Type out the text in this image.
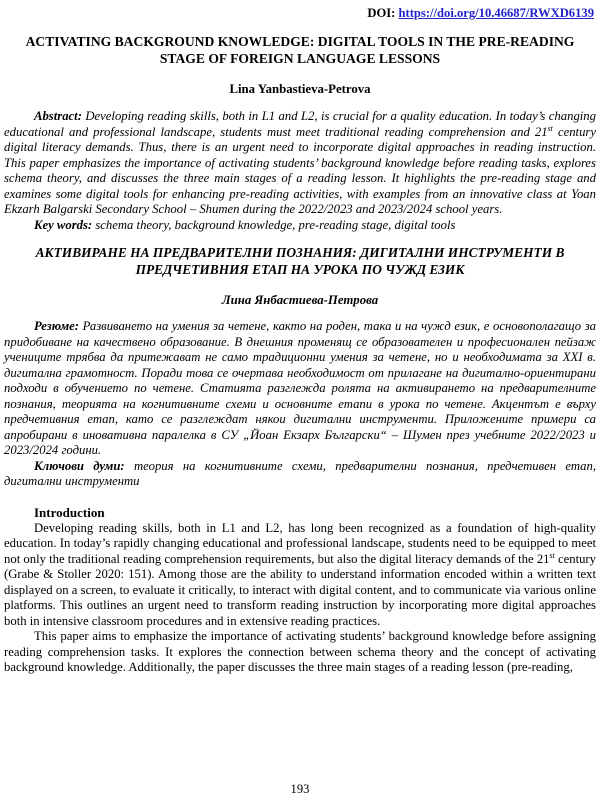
DOI: https://doi.org/10.46687/RWXD6139
ACTIVATING BACKGROUND KNOWLEDGE: DIGITAL TOOLS IN THE PRE-READING STAGE OF FOREIGN LANGUAGE LESSONS
Lina Yanbastieva-Petrova

Abstract: Developing reading skills, both in L1 and L2, is crucial for a quality education. In today’s changing educational and professional landscape, students must meet traditional reading comprehension and 21st century digital literacy demands. Thus, there is an urgent need to incorporate digital approaches in reading instruction. This paper emphasizes the importance of activating students’ background knowledge before reading tasks, explores schema theory, and discusses the three main stages of a reading lesson. It highlights the pre-reading stage and examines some digital tools for enhancing pre-reading activities, with examples from an innovative class at Yoan Ekzarh Balgarski Secondary School – Shumen during the 2022/2023 and 2023/2024 school years.

Key words: schema theory, background knowledge, pre-reading stage, digital tools

АКТИВИРАНЕ НА ПРЕДВАРИТЕЛНИ ПОЗНАНИЯ: ДИГИТАЛНИ ИНСТРУМЕНТИ В ПРЕДЧЕТИВНИЯ ЕТАП НА УРОКА ПО ЧУЖД ЕЗИК
Лина Янбастиева-Петрова

Резюме: Развиването на умения за четене, както на роден, така и на чужд език, е основополагащо за придобиване на качествено образование. В днешния променящ се образователен и професионален пейзаж учениците трябва да притежават не само традиционни умения за четене, но и необходимата за XXI в. дигитална грамотност. Поради това се очертава необходимост от прилагане на дигитално-ориентирани подходи в обучението по четене. Статията разглежда ролята на активирането на предварителните познания, теорията на когнитивните схеми и основните етапи в урока по четене. Акцентът е върху предчетивния етап, като се разглеждат някои дигитални инструменти. Приложените примери са апробирани в иновативна паралелка в СУ „Йоан Екзарх Български“ – Шумен през учебните 2022/2023 и 2023/2024 години.

Ключови думи: теория на когнитивните схеми, предварителни познания, предчетивен етап, дигитални инструменти

Introduction

Developing reading skills, both in L1 and L2, has long been recognized as a foundation of high-quality education. In today’s rapidly changing educational and professional landscape, students need to be equipped to meet not only the traditional reading comprehension requirements, but also the digital literacy demands of the 21st century (Grabe & Stoller 2020: 151). Among those are the ability to understand information encoded within a written text displayed on a screen, to evaluate it critically, to interact with digital content, and to communicate via various online platforms. This outlines an urgent need to transform reading instruction by incorporating more digital approaches both in intensive classroom procedures and in extensive reading practices.

This paper aims to emphasize the importance of activating students’ background knowledge before assigning reading comprehension tasks. It explores the connection between schema theory and the concept of activating background knowledge. Additionally, the paper discusses the three main stages of a reading lesson (pre-reading,

193
